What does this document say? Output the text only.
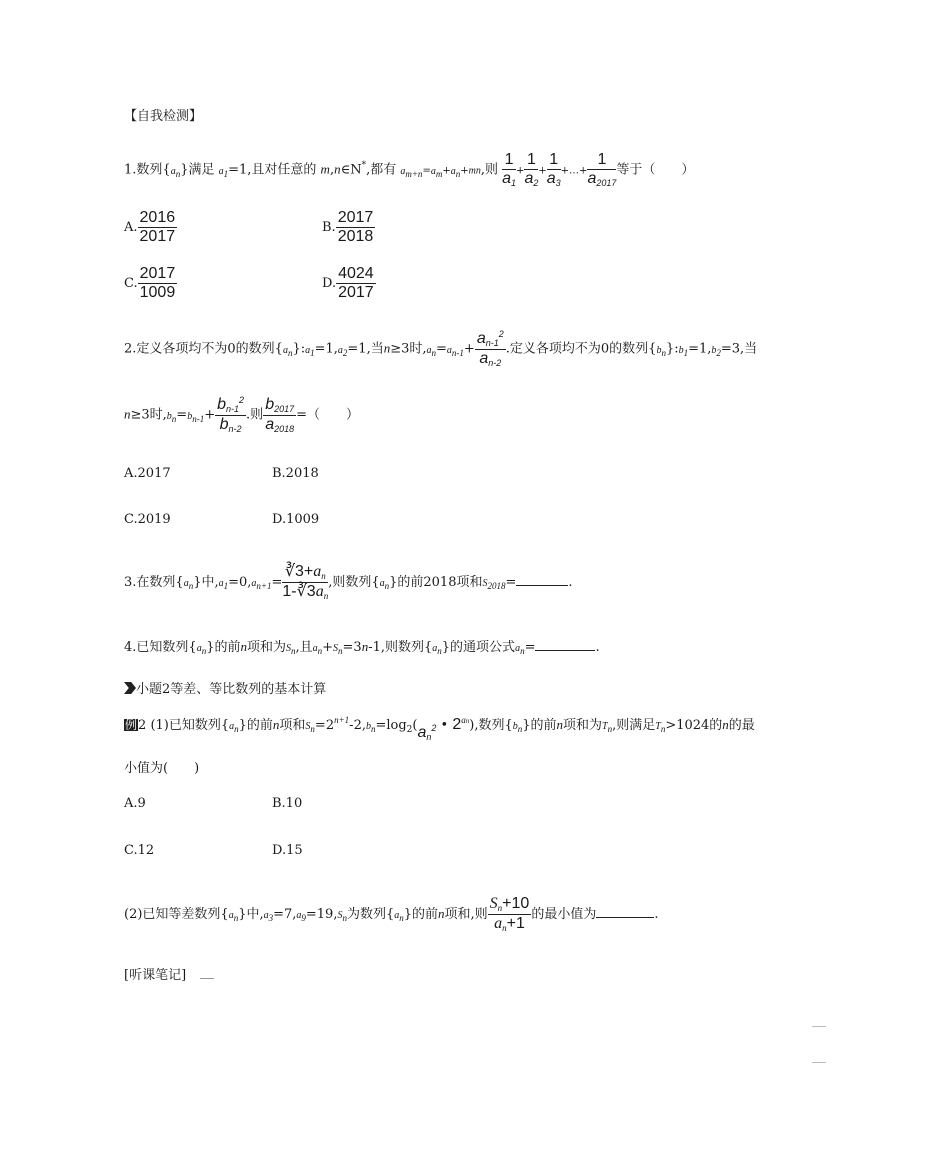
【自我检测】
1.数列{an}满足 a1=1,且对任意的 m,n∈N*,都有 am+n=am+an+mn,则 $\frac{1}{a_1} + \frac{1}{a_2} + \frac{1}{a_3}$ +…+ $\frac{1}{a_{2017}}$ 等于（　　）
A. $\frac{2016}{2017}$	B. $\frac{2017}{2018}$
C. $\frac{2017}{1009}$	D. $\frac{4024}{2017}$
2.定义各项均不为0的数列{an}:a1=1,a2=1,当n≥3时$,an=an-1+ \frac{a_{n-1}^2}{a_{n-2}}$ .定义各项均不为0的数列{bn}:b1=1,b2=3,当
n≥3时$,bn=bn-1+ \frac{b_{n-1}^2}{b_{n-2}}$ .则 $\frac{b_{2017}}{a_{2018}}$ =（　　）
A.2017	B.2018
C.2019	D.1009
3.在数列{an}中$,a1=0,an+1= \frac{∛3+a_n}{1-∛3a_n}$ ,则数列{an}的前2018项和S2018=	.
4.已知数列{an}的前n项和为Sn,且an+Sn=3n-1,则数列{an}的通项公式an=	.
小题2等差、等比数列的基本计算
例2 (1)已知数列{an}的前n项和$Sn=2^{n+1}-2,bn=\log_2(a_n^2$ • $2^{an}$),数列{bn}的前n项和为Tn,则满足Tn>1024的n的最
小值为(　　)
A.9	B.10
C.12	D.15
(2)已知等差数列{an}中,a3=7,a9=19,Sn为数列{an}的前n项和,则 $\frac{S_n+10}{a_n+1}$ 的最小值为	.
[听课笔记]
